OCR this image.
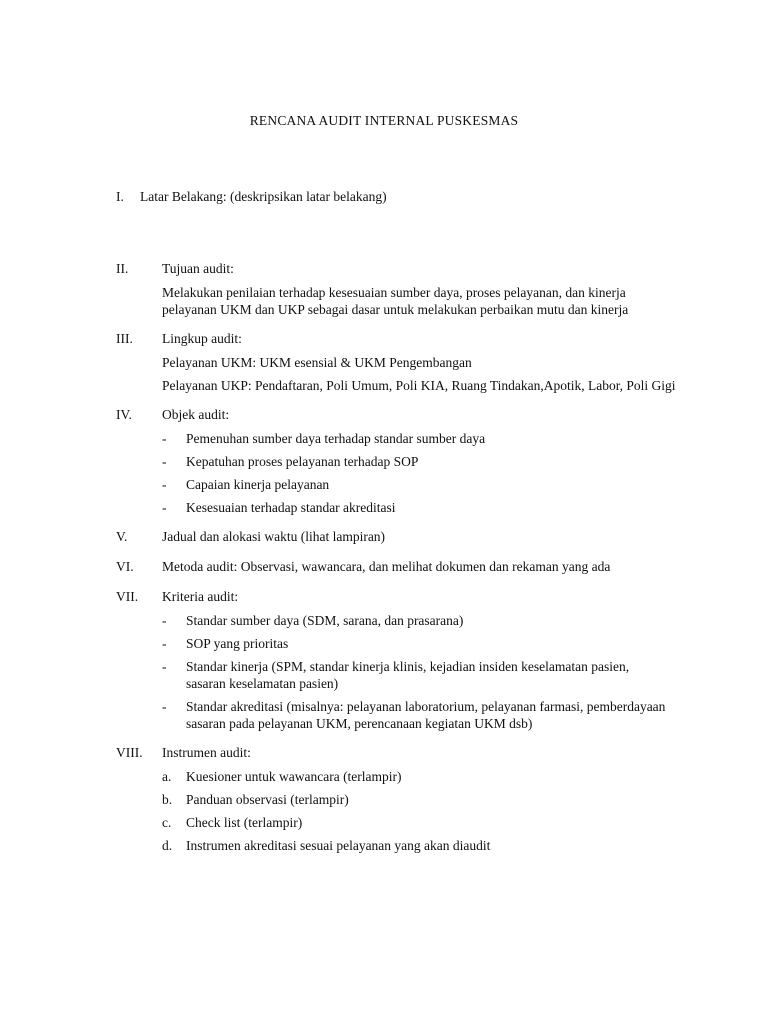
RENCANA AUDIT INTERNAL PUSKESMAS
I. Latar Belakang: (deskripsikan latar belakang)
II.	Tujuan audit:
Melakukan penilaian terhadap kesesuaian sumber daya, proses pelayanan, dan kinerja pelayanan UKM dan UKP sebagai dasar untuk melakukan perbaikan mutu dan kinerja
III.	Lingkup audit:
Pelayanan UKM: UKM esensial & UKM Pengembangan
Pelayanan UKP: Pendaftaran, Poli Umum, Poli KIA, Ruang Tindakan,Apotik, Labor, Poli Gigi
IV.	Objek audit:
-	Pemenuhan sumber daya terhadap standar sumber daya
-	Kepatuhan proses pelayanan terhadap SOP
-	Capaian kinerja pelayanan
-	Kesesuaian terhadap standar akreditasi
V.	Jadual dan alokasi waktu (lihat lampiran)
VI.	Metoda audit: Observasi, wawancara, dan melihat dokumen dan rekaman yang ada
VII.	Kriteria audit:
-	Standar sumber daya (SDM, sarana, dan prasarana)
-	SOP yang prioritas
-	Standar kinerja (SPM, standar kinerja klinis, kejadian insiden keselamatan pasien, sasaran keselamatan pasien)
-	Standar akreditasi (misalnya: pelayanan laboratorium, pelayanan farmasi, pemberdayaan sasaran pada pelayanan UKM, perencanaan kegiatan UKM dsb)
VIII.	Instrumen audit:
a.	Kuesioner untuk wawancara (terlampir)
b.	Panduan observasi (terlampir)
c.	Check list (terlampir)
d.	Instrumen akreditasi sesuai pelayanan yang akan diaudit
